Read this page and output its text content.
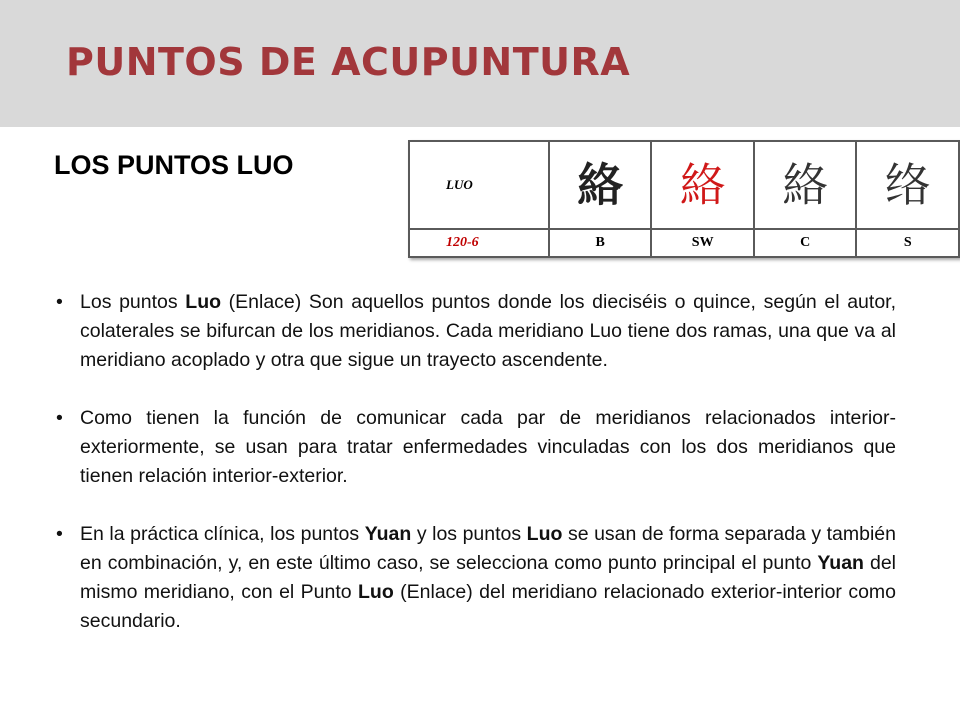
PUNTOS DE ACUPUNTURA
LOS PUNTOS LUO
LUO	絡	絡	絡	络
120-6	B	SW	C	S
• Los puntos Luo (Enlace) Son aquellos puntos donde los dieciséis o quince, según el autor, colaterales se bifurcan de los meridianos. Cada meridiano Luo tiene dos ramas, una que va al meridiano acoplado y otra que sigue un trayecto ascendente.
• Como tienen la función de comunicar cada par de meridianos relacionados interior-exteriormente, se usan para tratar enfermedades vinculadas con los dos meridianos que tienen relación interior-exterior.
• En la práctica clínica, los puntos Yuan y los puntos Luo se usan de forma separada y también en combinación, y, en este último caso, se selecciona como punto principal el punto Yuan del mismo meridiano, con el Punto Luo (Enlace) del meridiano relacionado exterior-interior como secundario.
